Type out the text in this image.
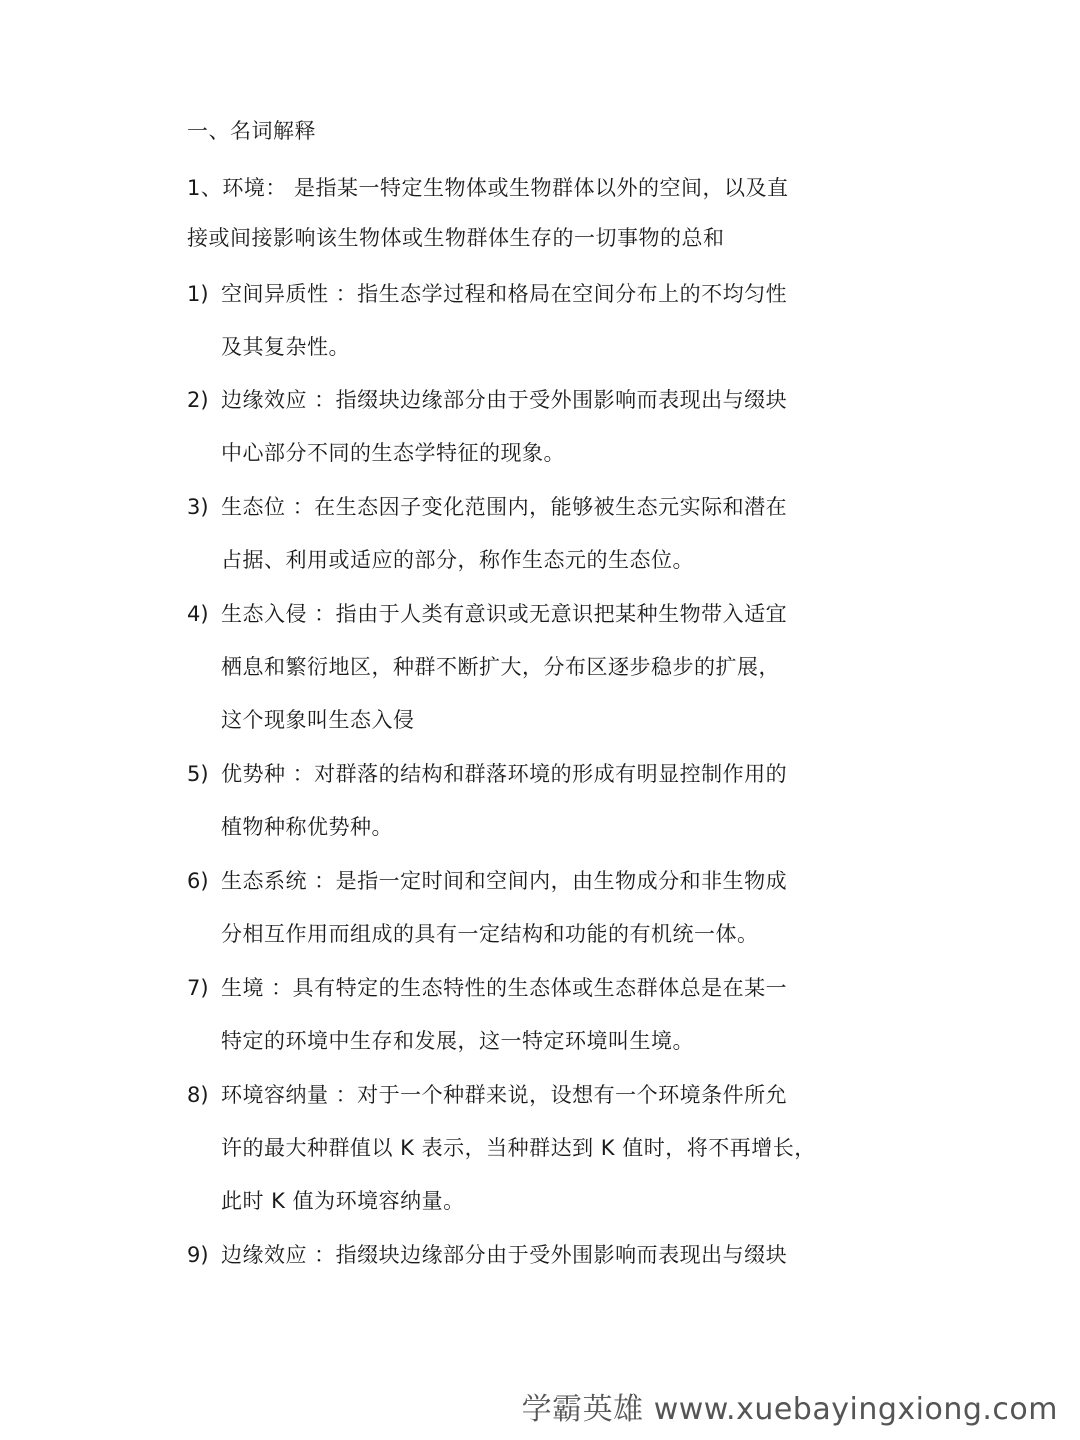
一、名词解释
1、环境： 是指某一特定生物体或生物群体以外的空间，以及直
接或间接影响该生物体或生物群体生存的一切事物的总和
1) 空间异质性 ：指生态学过程和格局在空间分布上的不均匀性
及其复杂性。
2) 边缘效应 ：指缀块边缘部分由于受外围影响而表现出与缀块
中心部分不同的生态学特征的现象。
3) 生态位 ：在生态因子变化范围内，能够被生态元实际和潜在
占据、利用或适应的部分，称作生态元的生态位。
4) 生态入侵 ：指由于人类有意识或无意识把某种生物带入适宜
栖息和繁衍地区，种群不断扩大，分布区逐步稳步的扩展，
这个现象叫生态入侵
5) 优势种 ：对群落的结构和群落环境的形成有明显控制作用的
植物种称优势种。
6) 生态系统 ：是指一定时间和空间内，由生物成分和非生物成
分相互作用而组成的具有一定结构和功能的有机统一体。
7) 生境 ：具有特定的生态特性的生态体或生态群体总是在某一
特定的环境中生存和发展，这一特定环境叫生境。
8) 环境容纳量 ：对于一个种群来说，设想有一个环境条件所允
许的最大种群值以 K 表示，当种群达到 K 值时，将不再增长，
此时 K 值为环境容纳量。
9) 边缘效应 ：指缀块边缘部分由于受外围影响而表现出与缀块
学霸英雄 www.xuebayingxiong.com
